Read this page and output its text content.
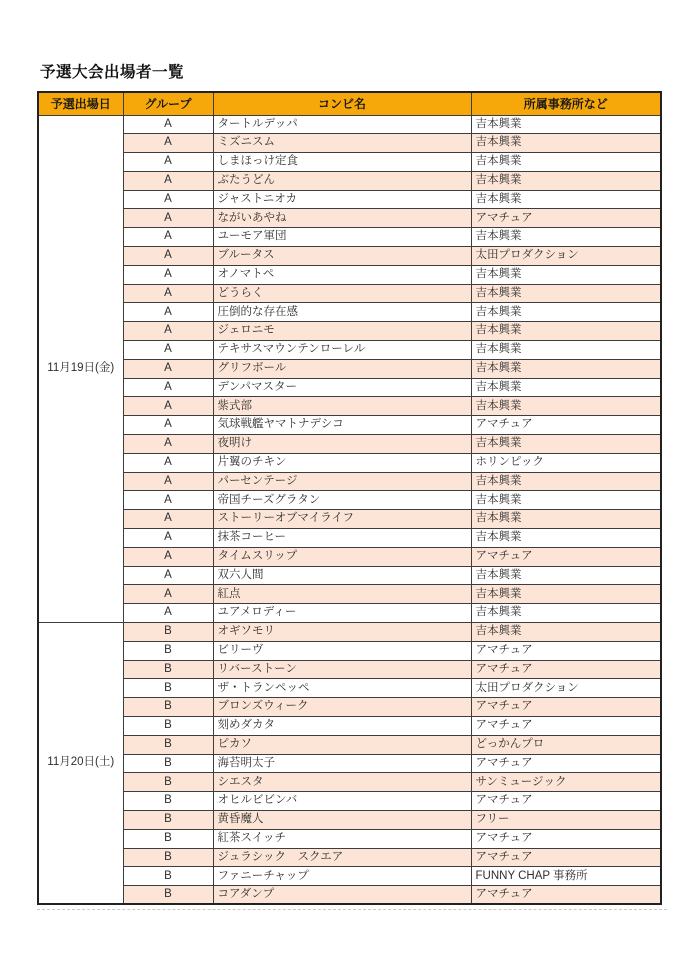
予選大会出場者一覧
予選出場日	グループ	コンビ名	所属事務所など
11月19日(金)	A	タートルデッパ	吉本興業
	A	ミズニスム	吉本興業
	A	しまほっけ定食	吉本興業
	A	ぶたうどん	吉本興業
	A	ジャストニオカ	吉本興業
	A	ながいあやね	アマチュア
	A	ユーモア軍団	吉本興業
	A	ブルータス	太田プロダクション
	A	オノマトペ	吉本興業
	A	どうらく	吉本興業
	A	圧倒的な存在感	吉本興業
	A	ジェロニモ	吉本興業
	A	テキサスマウンテンローレル	吉本興業
	A	グリフボール	吉本興業
	A	デンパマスター	吉本興業
	A	紫式部	吉本興業
	A	気球戦艦ヤマトナデシコ	アマチュア
	A	夜明け	吉本興業
	A	片翼のチキン	ホリンピック
	A	パーセンテージ	吉本興業
	A	帝国チーズグラタン	吉本興業
	A	ストーリーオブマイライフ	吉本興業
	A	抹茶コーヒー	吉本興業
	A	タイムスリップ	アマチュア
	A	双六人間	吉本興業
	A	紅点	吉本興業
	A	ユアメロディー	吉本興業
11月20日(土)	B	オギソモリ	吉本興業
	B	ビリーヴ	アマチュア
	B	リバーストーン	アマチュア
	B	ザ・トランペッペ	太田プロダクション
	B	ブロンズウィーク	アマチュア
	B	刻めダカタ	アマチュア
	B	ピカソ	どっかんプロ
	B	海苔明太子	アマチュア
	B	シエスタ	サンミュージック
	B	オヒルビビンバ	アマチュア
	B	黄昏魔人	フリー
	B	紅茶スイッチ	アマチュア
	B	ジュラシック　スクエア	アマチュア
	B	ファニーチャップ	FUNNY CHAP 事務所
	B	コアダンプ	アマチュア
